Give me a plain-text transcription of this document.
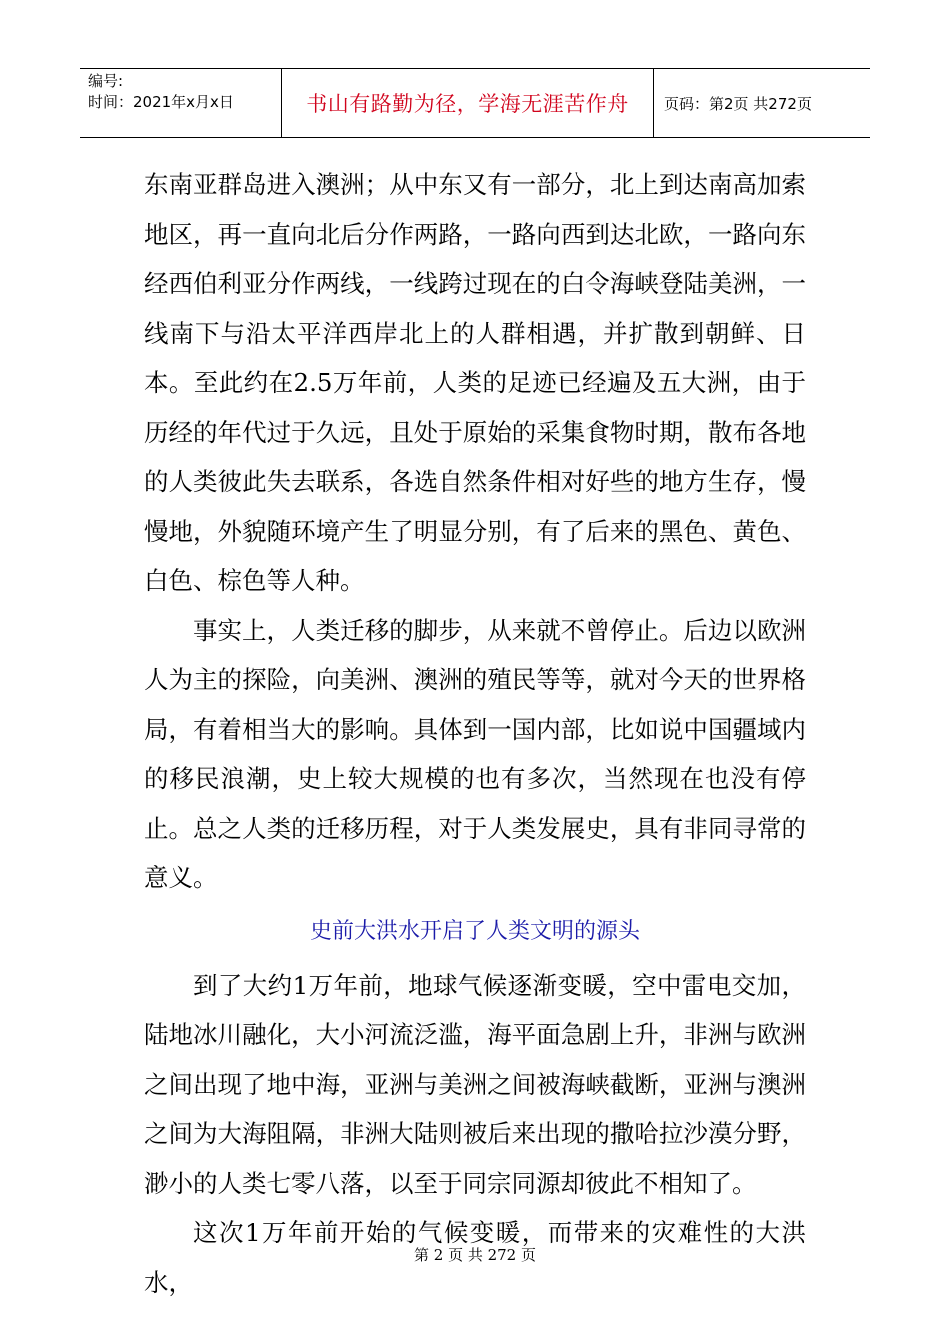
编号:
时间：2021年x月x日	书山有路勤为径，学海无涯苦作舟	页码：第2页 共272页

东南亚群岛进入澳洲；从中东又有一部分，北上到达南高加索地区，再一直向北后分作两路，一路向西到达北欧，一路向东经西伯利亚分作两线，一线跨过现在的白令海峡登陆美洲，一线南下与沿太平洋西岸北上的人群相遇，并扩散到朝鲜、日本。至此约在2.5万年前，人类的足迹已经遍及五大洲，由于历经的年代过于久远，且处于原始的采集食物时期，散布各地的人类彼此失去联系，各选自然条件相对好些的地方生存，慢慢地，外貌随环境产生了明显分别，有了后来的黑色、黄色、白色、棕色等人种。

事实上，人类迁移的脚步，从来就不曾停止。后边以欧洲人为主的探险，向美洲、澳洲的殖民等等，就对今天的世界格局，有着相当大的影响。具体到一国内部，比如说中国疆域内的移民浪潮，史上较大规模的也有多次，当然现在也没有停止。总之人类的迁移历程，对于人类发展史，具有非同寻常的意义。

史前大洪水开启了人类文明的源头

到了大约1万年前，地球气候逐渐变暖，空中雷电交加，陆地冰川融化，大小河流泛滥，海平面急剧上升，非洲与欧洲之间出现了地中海，亚洲与美洲之间被海峡截断，亚洲与澳洲之间为大海阻隔，非洲大陆则被后来出现的撒哈拉沙漠分野，渺小的人类七零八落，以至于同宗同源却彼此不相知了。

这次1万年前开始的气候变暖，而带来的灾难性的大洪水，

第 2 页 共 272 页
